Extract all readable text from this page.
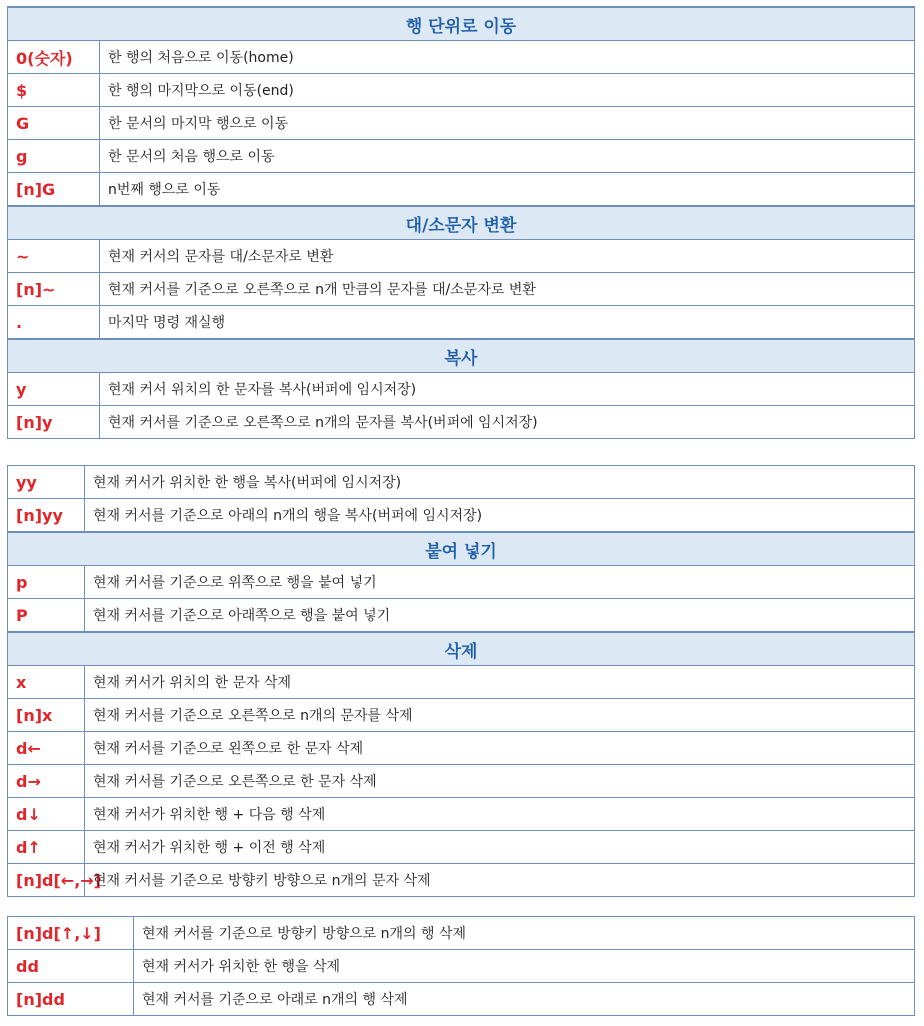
행 단위로 이동	
0(숫자)	한 행의 처음으로 이동(home)
$	한 행의 마지막으로 이동(end)
G	한 문서의 마지막 행으로 이동
g	한 문서의 처음 행으로 이동
[n]G	n번째 행으로 이동
대/소문자 변환	
~	현재 커서의 문자를 대/소문자로 변환
[n]~	현재 커서를 기준으로 오른쪽으로 n개 만큼의 문자를 대/소문자로 변환
.	마지막 명령 재실행
복사	
y	현재 커서 위치의 한 문자를 복사(버퍼에 임시저장)
[n]y	현재 커서를 기준으로 오른쪽으로 n개의 문자를 복사(버퍼에 임시저장)
yy	현재 커서가 위치한 한 행을 복사(버퍼에 임시저장)
[n]yy	현재 커서를 기준으로 아래의 n개의 행을 복사(버퍼에 임시저장)
붙여 넣기	
p	현재 커서를 기준으로 위쪽으로 행을 붙여 넣기
P	현재 커서를 기준으로 아래쪽으로 행을 붙여 넣기
삭제	
x	현재 커서가 위치의 한 문자 삭제
[n]x	현재 커서를 기준으로 오른쪽으로 n개의 문자를 삭제
d←	현재 커서를 기준으로 왼쪽으로 한 문자 삭제
d→	현재 커서를 기준으로 오른쪽으로 한 문자 삭제
d↓	현재 커서가 위치한 행 + 다음 행 삭제
d↑	현재 커서가 위치한 행 + 이전 행 삭제
[n]d[←,→]	현재 커서를 기준으로 방향키 방향으로 n개의 문자 삭제
[n]d[↑,↓]	현재 커서를 기준으로 방향키 방향으로 n개의 행 삭제
dd	현재 커서가 위치한 한 행을 삭제
[n]dd	현재 커서를 기준으로 아래로 n개의 행 삭제
